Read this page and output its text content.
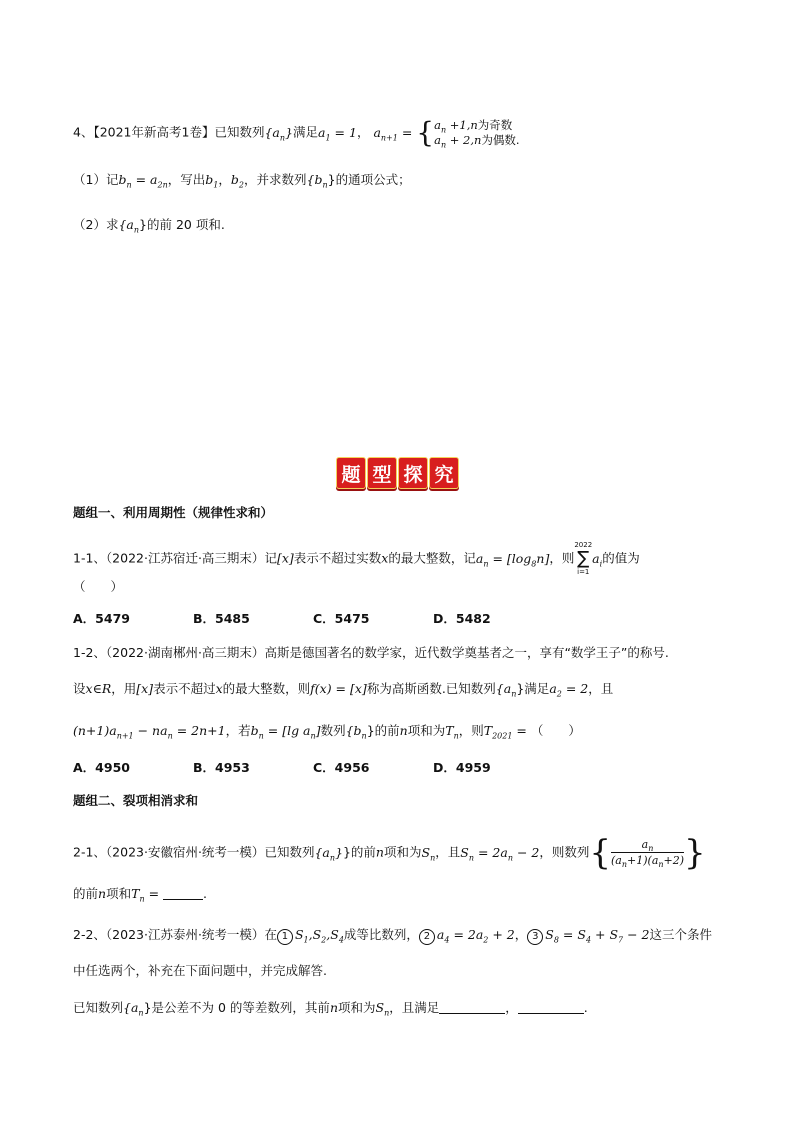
4、【2021年新高考1卷】已知数列$\{a_n\}$满足$a_1 = 1$， $a_{n+1} = \{a_n +1,n$为奇数
$a_n + 2,n$为偶数.
（1）记$b_n = a_{2n}$，写出$b_1$，$b_2$，并求数列$\{b_n\}$的通项公式；
（2）求$\{a_n\}$的前 20 项和.
题 型 探 究
题组一、利用周期性（规律性求和）
1-1、（2022·江苏宿迁·高三期末）记[x]表示不超过实数x的最大整数，记$a_n = [\log_8n]$，则
2022
∑
i=1
$a_i$的值为
（　　）
A．5479	B．5485	C．5475	D．5482
1-2、（2022·湖南郴州·高三期末）高斯是德国著名的数学家，近代数学奠基者之一，享有“数学王子”的称号.
设x∈R，用[x]表示不超过x的最大整数，则f(x) = [x]称为高斯函数.已知数列$\{a_n\}$满足$a_2 = 2$，且
$(n+1)a_{n+1} - na_n = 2n+1$，若$b_n = [\lg$ $a_n$]数列$\{b_n\}$的前n项和为$T_n$，则$T_{2021}$ = （　　）
A．4950	B．4953	C．4956	D．4959
题组二、裂项相消求和
2-1、（2023·安徽宿州·统考一模）已知数列$\{a_n\}$}的前n项和为$S_n$，且$S_n = 2a_n - 2$，则数列{ $\frac{a_n}{(a_n+1)(a_n+2)}$ }
的前n项和$T_n$ =	.
2-2、（2023·江苏泰州·统考一模）在 1 $S_1,S_2,S_4$成等比数列， 2 $a_4 = 2a_2 + 2$， 3 $S_8 = S_4 + S_7 - 2$这三个条件
中任选两个，补充在下面问题中，并完成解答.
已知数列$\{a_n\}$是公差不为 0 的等差数列，其前n项和为$S_n$，且满足	，	.
